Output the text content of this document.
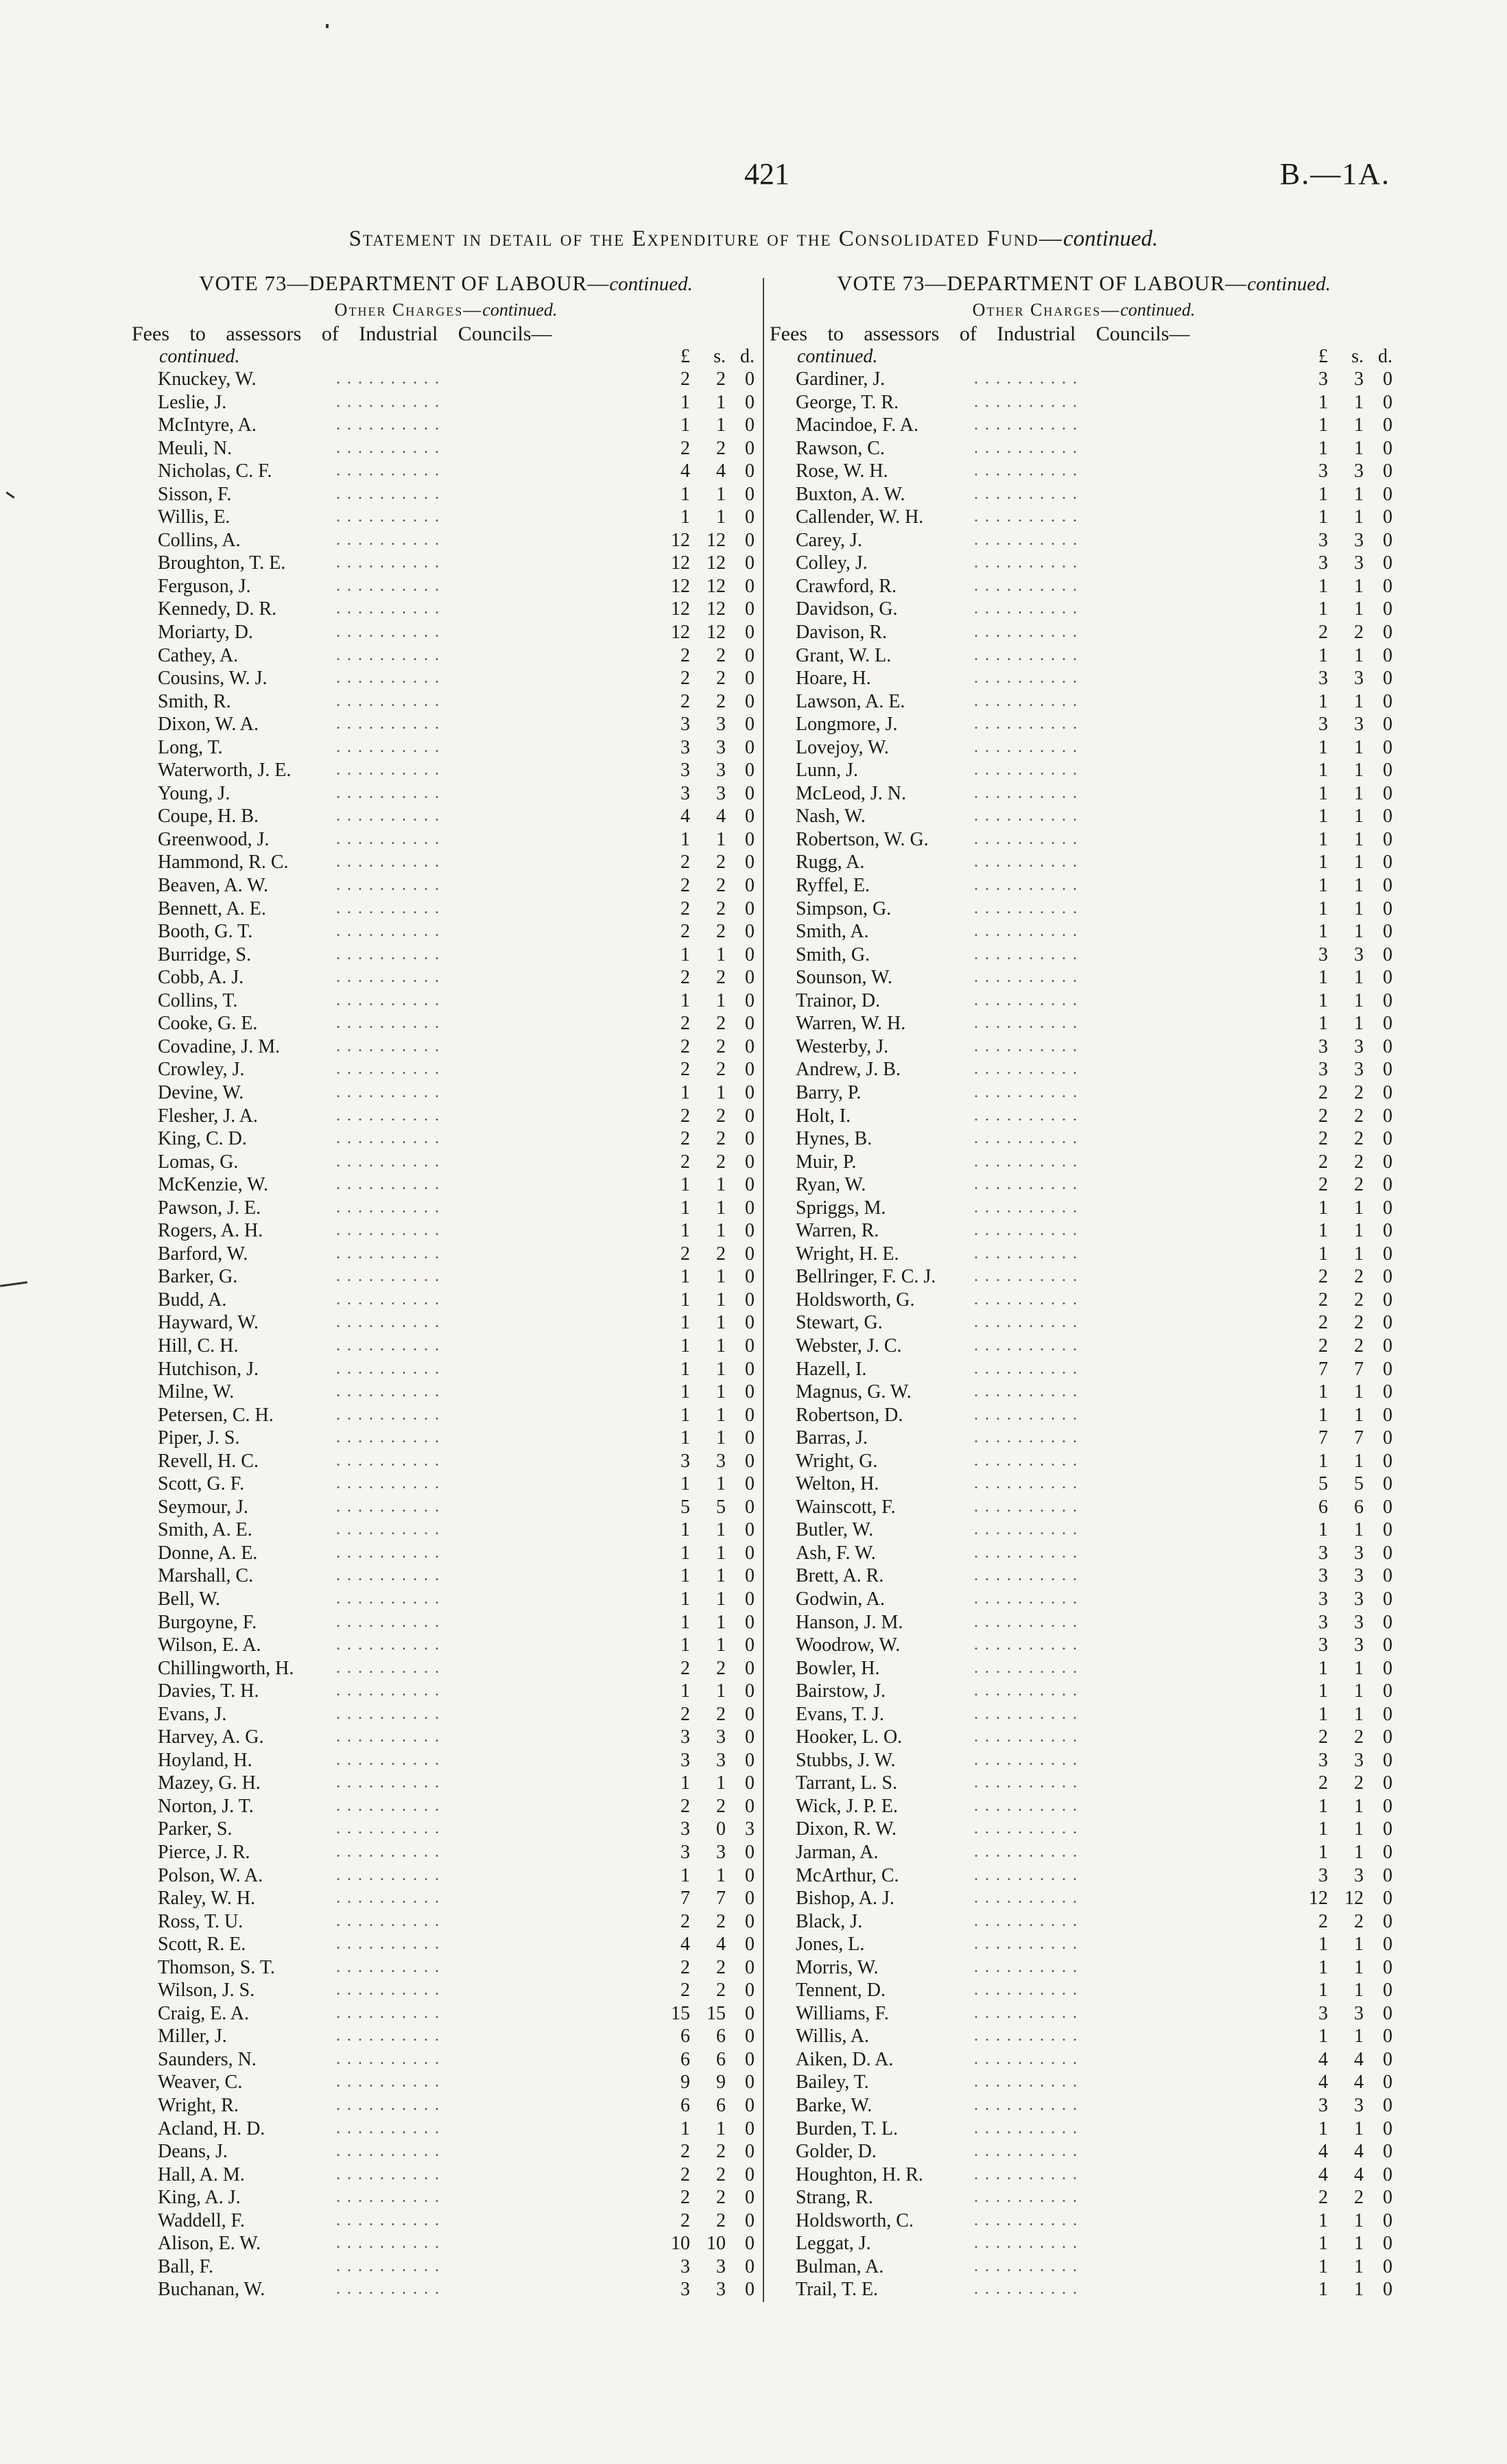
421	B.—1A.
Statement in detail of the Expenditure of the Consolidated Fund—continued.
VOTE 73—DEPARTMENT OF LABOUR—continued.
Other Charges—continued.
Fees to assessors of Industrial Councils—
continued.	£	s. d.
Knuckey, W.	. . . . . . . . . .	2	2	0
Leslie, J.	. . . . . . . . . .	1	1	0
McIntyre, A.	. . . . . . . . . .	1	1	0
Meuli, N.	. . . . . . . . . .	2	2	0
Nicholas, C. F.	. . . . . . . . . .	4	4	0
Sisson, F.	. . . . . . . . . .	1	1	0
Willis, E.	. . . . . . . . . .	1	1	0
Collins, A.	. . . . . . . . . .	12 12	0
Broughton, T. E.	. . . . . . . . . .	12 12	0
Ferguson, J.	. . . . . . . . . .	12 12	0
Kennedy, D. R.	. . . . . . . . . .	12 12	0
Moriarty, D.	. . . . . . . . . .	12 12	0
Cathey, A.	. . . . . . . . . .	2	2	0
Cousins, W. J.	. . . . . . . . . .	2	2	0
Smith, R.	. . . . . . . . . .	2	2	0
Dixon, W. A.	. . . . . . . . . .	3	3	0
Long, T.	. . . . . . . . . .	3	3	0
Waterworth, J. E.	. . . . . . . . . .	3	3	0
Young, J.	. . . . . . . . . .	3	3	0
Coupe, H. B.	. . . . . . . . . .	4	4	0
Greenwood, J.	. . . . . . . . . .	1	1	0
Hammond, R. C.	. . . . . . . . . .	2	2	0
Beaven, A. W.	. . . . . . . . . .	2	2	0
Bennett, A. E.	. . . . . . . . . .	2	2	0
Booth, G. T.	. . . . . . . . . .	2	2	0
Burridge, S.	. . . . . . . . . .	1	1	0
Cobb, A. J.	. . . . . . . . . .	2	2	0
Collins, T.	. . . . . . . . . .	1	1	0
Cooke, G. E.	. . . . . . . . . .	2	2	0
Covadine, J. M.	. . . . . . . . . .	2	2	0
Crowley, J.	. . . . . . . . . .	2	2	0
Devine, W.	. . . . . . . . . .	1	1	0
Flesher, J. A.	. . . . . . . . . .	2	2	0
King, C. D.	. . . . . . . . . .	2	2	0
Lomas, G.	. . . . . . . . . .	2	2	0
McKenzie, W.	. . . . . . . . . .	1	1	0
Pawson, J. E.	. . . . . . . . . .	1	1	0
Rogers, A. H.	. . . . . . . . . .	1	1	0
Barford, W.	. . . . . . . . . .	2	2	0
Barker, G.	. . . . . . . . . .	1	1	0
Budd, A.	. . . . . . . . . .	1	1	0
Hayward, W.	. . . . . . . . . .	1	1	0
Hill, C. H.	. . . . . . . . . .	1	1	0
Hutchison, J.	. . . . . . . . . .	1	1	0
Milne, W.	. . . . . . . . . .	1	1	0
Petersen, C. H.	. . . . . . . . . .	1	1	0
Piper, J. S.	. . . . . . . . . .	1	1	0
Revell, H. C.	. . . . . . . . . .	3	3	0
Scott, G. F.	. . . . . . . . . .	1	1	0
Seymour, J.	. . . . . . . . . .	5	5	0
Smith, A. E.	. . . . . . . . . .	1	1	0
Donne, A. E.	. . . . . . . . . .	1	1	0
Marshall, C.	. . . . . . . . . .	1	1	0
Bell, W.	. . . . . . . . . .	1	1	0
Burgoyne, F.	. . . . . . . . . .	1	1	0
Wilson, E. A.	. . . . . . . . . .	1	1	0
Chillingworth, H.	. . . . . . . . . .	2	2	0
Davies, T. H.	. . . . . . . . . .	1	1	0
Evans, J.	. . . . . . . . . .	2	2	0
Harvey, A. G.	. . . . . . . . . .	3	3	0
Hoyland, H.	. . . . . . . . . .	3	3	0
Mazey, G. H.	. . . . . . . . . .	1	1	0
Norton, J. T.	. . . . . . . . . .	2	2	0
Parker, S.	. . . . . . . . . .	3	0	3
Pierce, J. R.	. . . . . . . . . .	3	3	0
Polson, W. A.	. . . . . . . . . .	1	1	0
Raley, W. H.	. . . . . . . . . .	7	7	0
Ross, T. U.	. . . . . . . . . .	2	2	0
Scott, R. E.	. . . . . . . . . .	4	4	0
Thomson, S. T.	. . . . . . . . . .	2	2	0
Wilson, J. S.	. . . . . . . . . .	2	2	0
Craig, E. A.	. . . . . . . . . .	15 15	0
Miller, J.	. . . . . . . . . .	6	6	0
Saunders, N.	. . . . . . . . . .	6	6	0
Weaver, C.	. . . . . . . . . .	9	9	0
Wright, R.	. . . . . . . . . .	6	6	0
Acland, H. D.	. . . . . . . . . .	1	1	0
Deans, J.	. . . . . . . . . .	2	2	0
Hall, A. M.	. . . . . . . . . .	2	2	0
King, A. J.	. . . . . . . . . .	2	2	0
Waddell, F.	. . . . . . . . . .	2	2	0
Alison, E. W.	. . . . . . . . . .	10 10	0
Ball, F.	. . . . . . . . . .	3	3	0
Buchanan, W.	. . . . . . . . . .	3	3	0
VOTE 73—DEPARTMENT OF LABOUR—continued.
Other Charges—continued.
Fees to assessors of Industrial Councils—
continued.	£	s. d.
Gardiner, J.	. . . . . . . . . .	3	3	0
George, T. R.	. . . . . . . . . .	1	1	0
Macindoe, F. A.	. . . . . . . . . .	1	1	0
Rawson, C.	. . . . . . . . . .	1	1	0
Rose, W. H.	. . . . . . . . . .	3	3	0
Buxton, A. W.	. . . . . . . . . .	1	1	0
Callender, W. H.	. . . . . . . . . .	1	1	0
Carey, J.	. . . . . . . . . .	3	3	0
Colley, J.	. . . . . . . . . .	3	3	0
Crawford, R.	. . . . . . . . . .	1	1	0
Davidson, G.	. . . . . . . . . .	1	1	0
Davison, R.	. . . . . . . . . .	2	2	0
Grant, W. L.	. . . . . . . . . .	1	1	0
Hoare, H.	. . . . . . . . . .	3	3	0
Lawson, A. E.	. . . . . . . . . .	1	1	0
Longmore, J.	. . . . . . . . . .	3	3	0
Lovejoy, W.	. . . . . . . . . .	1	1	0
Lunn, J.	. . . . . . . . . .	1	1	0
McLeod, J. N.	. . . . . . . . . .	1	1	0
Nash, W.	. . . . . . . . . .	1	1	0
Robertson, W. G.	. . . . . . . . . .	1	1	0
Rugg, A.	. . . . . . . . . .	1	1	0
Ryffel, E.	. . . . . . . . . .	1	1	0
Simpson, G.	. . . . . . . . . .	1	1	0
Smith, A.	. . . . . . . . . .	1	1	0
Smith, G.	. . . . . . . . . .	3	3	0
Sounson, W.	. . . . . . . . . .	1	1	0
Trainor, D.	. . . . . . . . . .	1	1	0
Warren, W. H.	. . . . . . . . . .	1	1	0
Westerby, J.	. . . . . . . . . .	3	3	0
Andrew, J. B.	. . . . . . . . . .	3	3	0
Barry, P.	. . . . . . . . . .	2	2	0
Holt, I.	. . . . . . . . . .	2	2	0
Hynes, B.	. . . . . . . . . .	2	2	0
Muir, P.	. . . . . . . . . .	2	2	0
Ryan, W.	. . . . . . . . . .	2	2	0
Spriggs, M.	. . . . . . . . . .	1	1	0
Warren, R.	. . . . . . . . . .	1	1	0
Wright, H. E.	. . . . . . . . . .	1	1	0
Bellringer, F. C. J.	. . . . . . . . . .	2	2	0
Holdsworth, G.	. . . . . . . . . .	2	2	0
Stewart, G.	. . . . . . . . . .	2	2	0
Webster, J. C.	. . . . . . . . . .	2	2	0
Hazell, I.	. . . . . . . . . .	7	7	0
Magnus, G. W.	. . . . . . . . . .	1	1	0
Robertson, D.	. . . . . . . . . .	1	1	0
Barras, J.	. . . . . . . . . .	7	7	0
Wright, G.	. . . . . . . . . .	1	1	0
Welton, H.	. . . . . . . . . .	5	5	0
Wainscott, F.	. . . . . . . . . .	6	6	0
Butler, W.	. . . . . . . . . .	1	1	0
Ash, F. W.	. . . . . . . . . .	3	3	0
Brett, A. R.	. . . . . . . . . .	3	3	0
Godwin, A.	. . . . . . . . . .	3	3	0
Hanson, J. M.	. . . . . . . . . .	3	3	0
Woodrow, W.	. . . . . . . . . .	3	3	0
Bowler, H.	. . . . . . . . . .	1	1	0
Bairstow, J.	. . . . . . . . . .	1	1	0
Evans, T. J.	. . . . . . . . . .	1	1	0
Hooker, L. O.	. . . . . . . . . .	2	2	0
Stubbs, J. W.	. . . . . . . . . .	3	3	0
Tarrant, L. S.	. . . . . . . . . .	2	2	0
Wick, J. P. E.	. . . . . . . . . .	1	1	0
Dixon, R. W.	. . . . . . . . . .	1	1	0
Jarman, A.	. . . . . . . . . .	1	1	0
McArthur, C.	. . . . . . . . . .	3	3	0
Bishop, A. J.	. . . . . . . . . .	12 12	0
Black, J.	. . . . . . . . . .	2	2	0
Jones, L.	. . . . . . . . . .	1	1	0
Morris, W.	. . . . . . . . . .	1	1	0
Tennent, D.	. . . . . . . . . .	1	1	0
Williams, F.	. . . . . . . . . .	3	3	0
Willis, A.	. . . . . . . . . .	1	1	0
Aiken, D. A.	. . . . . . . . . .	4	4	0
Bailey, T.	. . . . . . . . . .	4	4	0
Barke, W.	. . . . . . . . . .	3	3	0
Burden, T. L.	. . . . . . . . . .	1	1	0
Golder, D.	. . . . . . . . . .	4	4	0
Houghton, H. R.	. . . . . . . . . .	4	4	0
Strang, R.	. . . . . . . . . .	2	2	0
Holdsworth, C.	. . . . . . . . . .	1	1	0
Leggat, J.	. . . . . . . . . .	1	1	0
Bulman, A.	. . . . . . . . . .	1	1	0
Trail, T. E.	. . . . . . . . . .	1	1	0
